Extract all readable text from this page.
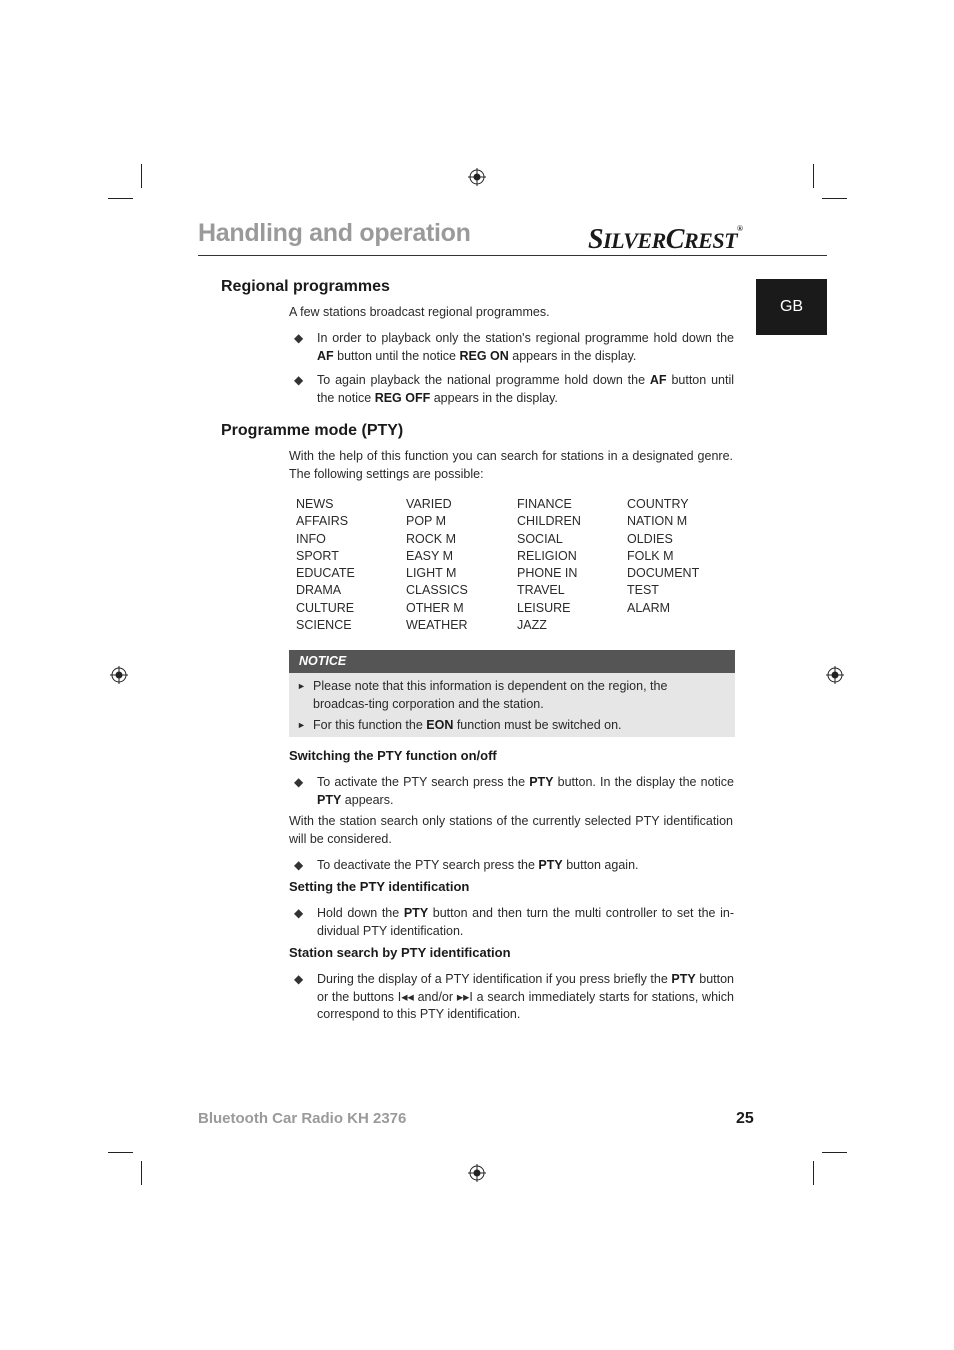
Handling and operation	SILVERCREST®
GB
Regional programmes
A few stations broadcast regional programmes.
◆ In order to playback only the station's regional programme hold down the AF button until the notice REG ON appears in the display.
◆ To again playback the national programme hold down the AF button until the notice REG OFF appears in the display.
Programme mode (PTY)
With the help of this function you can search for stations in a designated genre. The following settings are possible:
NEWS
AFFAIRS
INFO
SPORT
EDUCATE
DRAMA
CULTURE
SCIENCE
VARIED
POP M
ROCK M
EASY M
LIGHT M
CLASSICS
OTHER M
WEATHER
FINANCE
CHILDREN
SOCIAL
RELIGION
PHONE IN
TRAVEL
LEISURE
JAZZ
COUNTRY
NATION M
OLDIES
FOLK M
DOCUMENT
TEST
ALARM
NOTICE
► Please note that this information is dependent on the region, the broadcas-ting corporation and the station.
► For this function the EON function must be switched on.
Switching the PTY function on/off
◆ To activate the PTY search press the PTY button. In the display the notice PTY appears.
With the station search only stations of the currently selected PTY identification will be considered.
◆ To deactivate the PTY search press the PTY button again.
Setting the PTY identification
◆ Hold down the PTY button and then turn the multi controller to set the in-dividual PTY identification.
Station search by PTY identification
◆ During the display of a PTY identification if you press briefly the PTY button or the buttons I◂◂ and/or ▸▸I a search immediately starts for stations, which correspond to this PTY identification.
Bluetooth Car Radio KH 2376	25
